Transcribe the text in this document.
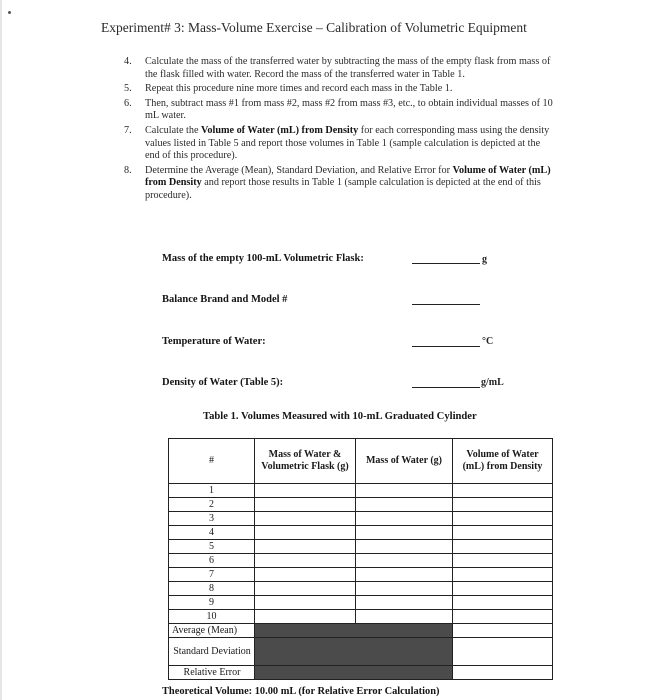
Experiment# 3: Mass-Volume Exercise – Calibration of Volumetric Equipment
4. Calculate the mass of the transferred water by subtracting the mass of the empty flask from mass of the flask filled with water. Record the mass of the transferred water in Table 1.
5. Repeat this procedure nine more times and record each mass in the Table 1.
6. Then, subtract mass #1 from mass #2, mass #2 from mass #3, etc., to obtain individual masses of 10 mL water.
7. Calculate the Volume of Water (mL) from Density for each corresponding mass using the density values listed in Table 5 and report those volumes in Table 1 (sample calculation is depicted at the end of this procedure).
8. Determine the Average (Mean), Standard Deviation, and Relative Error for Volume of Water (mL) from Density and report those results in Table 1 (sample calculation is depicted at the end of this procedure).
Mass of the empty 100-mL Volumetric Flask:	g
Balance Brand and Model #
Temperature of Water:	°C
Density of Water (Table 5):	g/mL
Table 1. Volumes Measured with 10-mL Graduated Cylinder
#	Mass of Water & Volumetric Flask (g)	Mass of Water (g)	Volume of Water (mL) from Density
1			
2			
3			
4			
5			
6			
7			
8			
9			
10			
Average (Mean)			
Standard Deviation			
Relative Error			
Theoretical Volume: 10.00 mL (for Relative Error Calculation)
